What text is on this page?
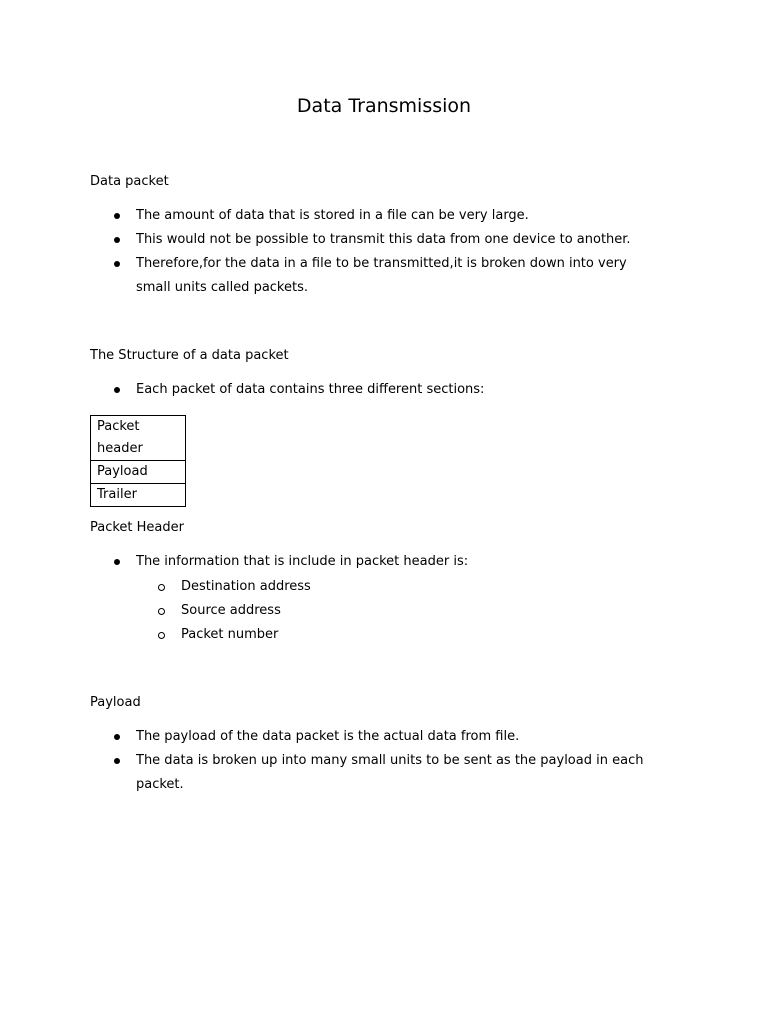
Data Transmission

Data packet

The amount of data that is stored in a file can be very large.
This would not be possible to transmit this data from one device to another.
Therefore,for the data in a file to be transmitted,it is broken down into very small units called packets.

The Structure of a data packet

Each packet of data contains three different sections:
Packet header
Payload
Trailer

Packet Header

The information that is include in packet header is:
Destination address
Source address
Packet number

Payload

The payload of the data packet is the actual data from file.
The data is broken up into many small units to be sent as the payload in each packet.
